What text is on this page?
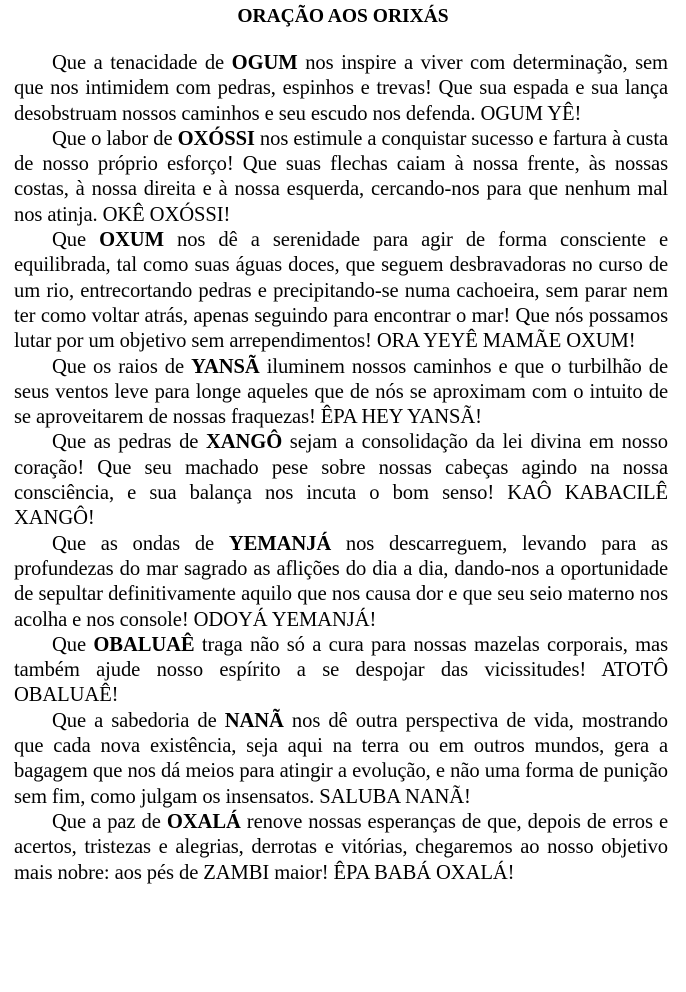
ORAÇÃO AOS ORIXÁS

Que a tenacidade de OGUM nos inspire a viver com determinação, sem que nos intimidem com pedras, espinhos e trevas! Que sua espada e sua lança desobstruam nossos caminhos e seu escudo nos defenda. OGUM YÊ!

Que o labor de OXÓSSI nos estimule a conquistar sucesso e fartura à custa de nosso próprio esforço! Que suas flechas caiam à nossa frente, às nossas costas, à nossa direita e à nossa esquerda, cercando-nos para que nenhum mal nos atinja. OKÊ OXÓSSI!

Que OXUM nos dê a serenidade para agir de forma consciente e equilibrada, tal como suas águas doces, que seguem desbravadoras no curso de um rio, entrecortando pedras e precipitando-se numa cachoeira, sem parar nem ter como voltar atrás, apenas seguindo para encontrar o mar! Que nós possamos lutar por um objetivo sem arrependimentos! ORA YEYÊ MAMÃE OXUM!

Que os raios de YANSÃ iluminem nossos caminhos e que o turbilhão de seus ventos leve para longe aqueles que de nós se aproximam com o intuito de se aproveitarem de nossas fraquezas! ÊPA HEY YANSÃ!

Que as pedras de XANGÔ sejam a consolidação da lei divina em nosso coração! Que seu machado pese sobre nossas cabeças agindo na nossa consciência, e sua balança nos incuta o bom senso! KAÔ KABACILÊ XANGÔ!

Que as ondas de YEMANJÁ nos descarreguem, levando para as profundezas do mar sagrado as aflições do dia a dia, dando-nos a oportunidade de sepultar definitivamente aquilo que nos causa dor e que seu seio materno nos acolha e nos console! ODOYÁ YEMANJÁ!

Que OBALUAÊ traga não só a cura para nossas mazelas corporais, mas também ajude nosso espírito a se despojar das vicissitudes! ATOTÔ OBALUAÊ!

Que a sabedoria de NANÃ nos dê outra perspectiva de vida, mostrando que cada nova existência, seja aqui na terra ou em outros mundos, gera a bagagem que nos dá meios para atingir a evolução, e não uma forma de punição sem fim, como julgam os insensatos. SALUBA NANÃ!

Que a paz de OXALÁ renove nossas esperanças de que, depois de erros e acertos, tristezas e alegrias, derrotas e vitórias, chegaremos ao nosso objetivo mais nobre: aos pés de ZAMBI maior! ÊPA BABÁ OXALÁ!
